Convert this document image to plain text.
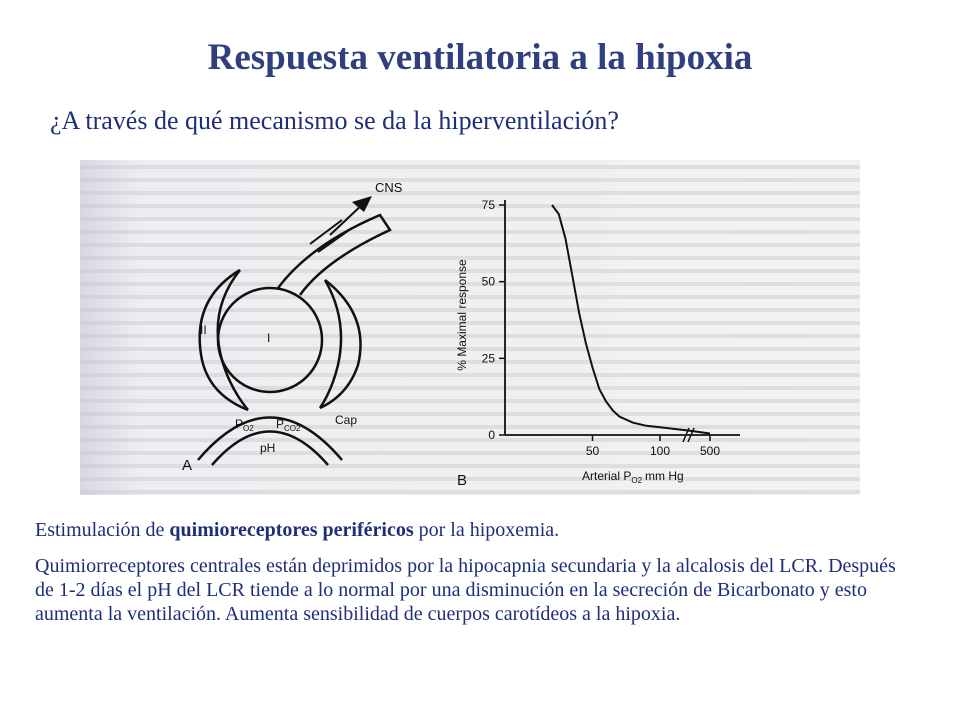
Respuesta ventilatoria a la hipoxia
¿A través de qué mecanismo se da la hiperventilación?
CNS
I
II
Cap
$P_{O2}$ $P_{CO2}$
pH
A
% Maximal response
Arterial $P_{O2}$ mm Hg
B
0
25
50
75
50	100 500

Estimulación de quimioreceptores periféricos por la hipoxemia.

Quimiorreceptores centrales están deprimidos por la hipocapnia secundaria y la alcalosis del LCR. Después de 1-2 días el pH del LCR tiende a lo normal por una disminución en la secreción de Bicarbonato y esto aumenta la ventilación. Aumenta sensibilidad de cuerpos carotídeos a la hipoxia.
